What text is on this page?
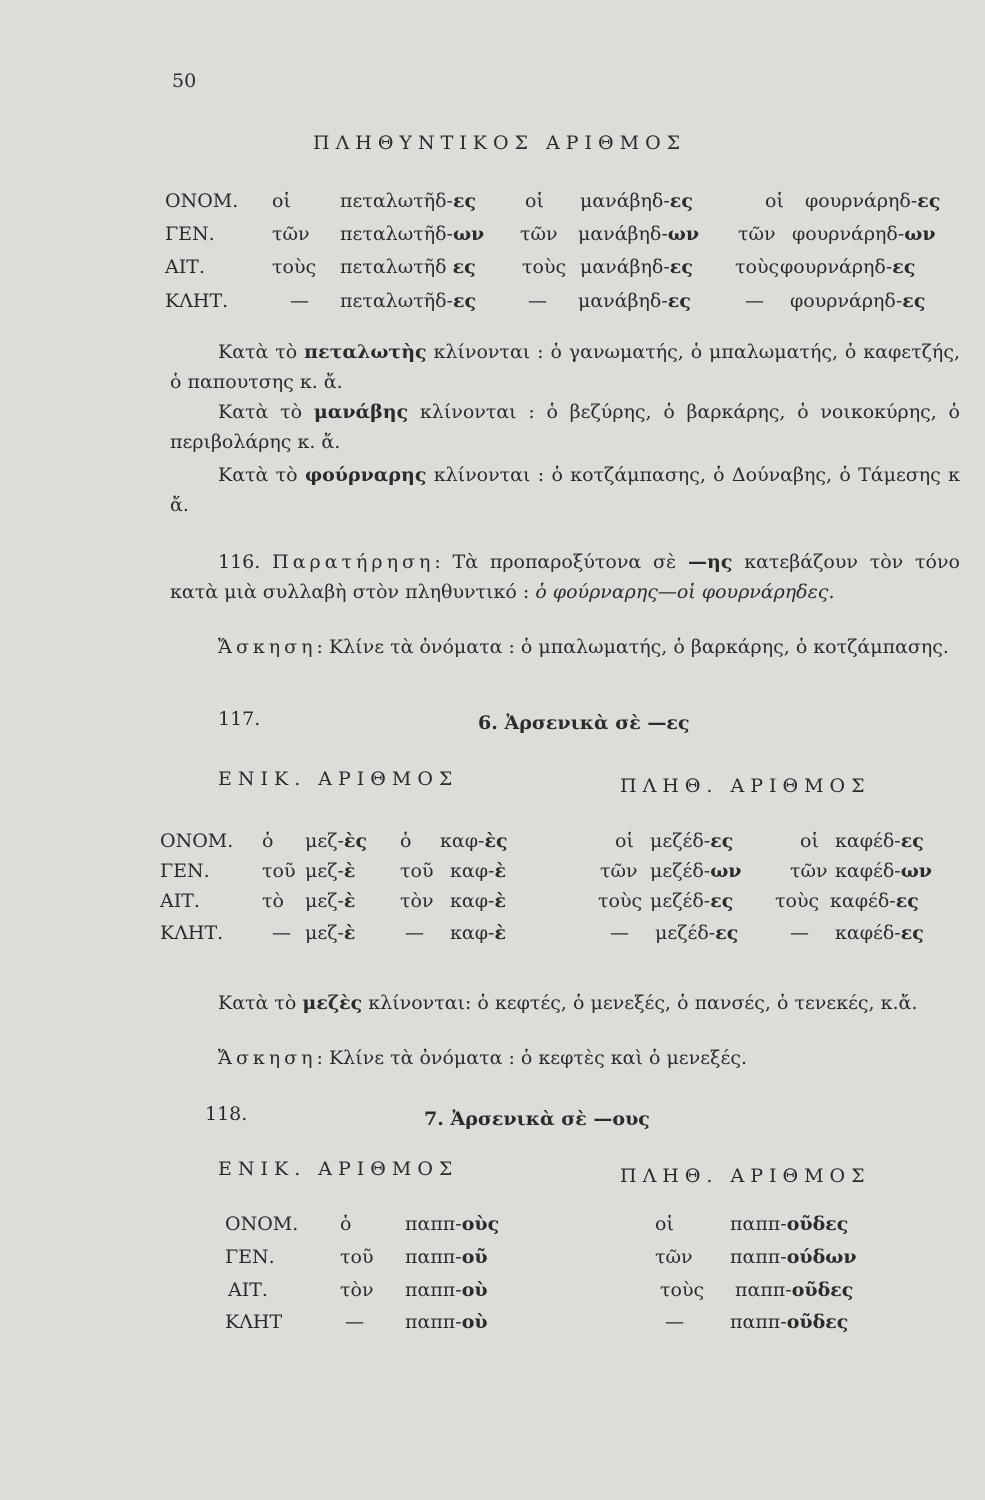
50
ΠΛΗΘΥΝΤΙΚΟΣ ΑΡΙΘΜΟΣ
ΟΝΟΜ. οἱ	πεταλωτῆδ-ες	οἱ μανάβηδ-ες	οἱ φουρνάρηδ-ες
ΓΕΝ.	τῶν πεταλωτῆδ-ων τῶν μανάβηδ-ων τῶν φουρνάρηδ-ων
ΑΙΤ.	τοὺς πεταλωτῆδ ες τοὺς μανάβηδ-ες τοὺς φουρνάρηδ-ες
ΚΛΗΤ.	— πεταλωτῆδ-ες	— μανάβηδ-ες	— φουρνάρηδ-ες
Κατὰ τὸ πεταλωτὴς κλίνονται : ὁ γανωματής, ὁ μπαλωματής, ὁ καφετζής, ὁ παπουτσης κ. ἄ.
Κατὰ τὸ μανάβης κλίνονται : ὁ βεζύρης, ὁ βαρκάρης, ὁ νοικοκύρης, ὁ περιβολάρης κ. ἄ.
Κατὰ τὸ φούρναρης κλίνονται : ὁ κοτζάμπασης, ὁ Δούναβης, ὁ Τάμεσης κ ἄ.
116. Παρατήρηση: Τὰ προπαροξύτονα σὲ —ης κατεβάζουν τὸν τόνο κατὰ μιὰ συλλαβὴ στὸν πληθυντικό : ὁ φούρναρης—οἱ φουρνάρηδες.
Ἄσκηση: Κλίνε τὰ ὀνόματα : ὁ μπαλωματής, ὁ βαρκάρης, ὁ κοτζάμπασης.
117.	6. Ἀρσενικὰ σὲ —ες
ΕΝΙΚ. ΑΡΙΘΜΟΣ	ΠΛΗΘ. ΑΡΙΘΜΟΣ
ΟΝΟΜ. ὁ μεζ-ὲς ὁ καφ-ὲς	οἱ μεζέδ-ες	οἱ καφέδ-ες
ΓΕΝ.	τοῦ μεζ-ὲ τοῦ καφ-ὲ	τῶν μεζέδ-ων	τῶν καφέδ-ων
ΑΙΤ.	τὸ μεζ-ὲ τὸν καφ-ὲ	τοὺς μεζέδ-ες τοὺς καφέδ-ες
ΚΛΗΤ.	— μεζ-ὲ	— καφ-ὲ	— μεζέδ-ες	— καφέδ-ες
Κατὰ τὸ μεζὲς κλίνονται: ὁ κεφτές, ὁ μενεξές, ὁ πανσές, ὁ τενεκές, κ.ἄ.
Ἄσκηση: Κλίνε τὰ ὀνόματα : ὁ κεφτὲς καὶ ὁ μενεξές.
118.	7. Ἀρσενικὰ σὲ —ους
ΕΝΙΚ. ΑΡΙΘΜΟΣ	ΠΛΗΘ. ΑΡΙΘΜΟΣ
ΟΝΟΜ. ὁ	παππ-οὺς	οἱ	παππ-οῦδες
ΓΕΝ.	τοῦ παππ-οῦ	τῶν παππ-ούδων
ΑΙΤ.	τὸν παππ-οὺ	τοὺς παππ-οῦδες
ΚΛΗΤ	— παππ-οὺ	— παππ-οῦδες
